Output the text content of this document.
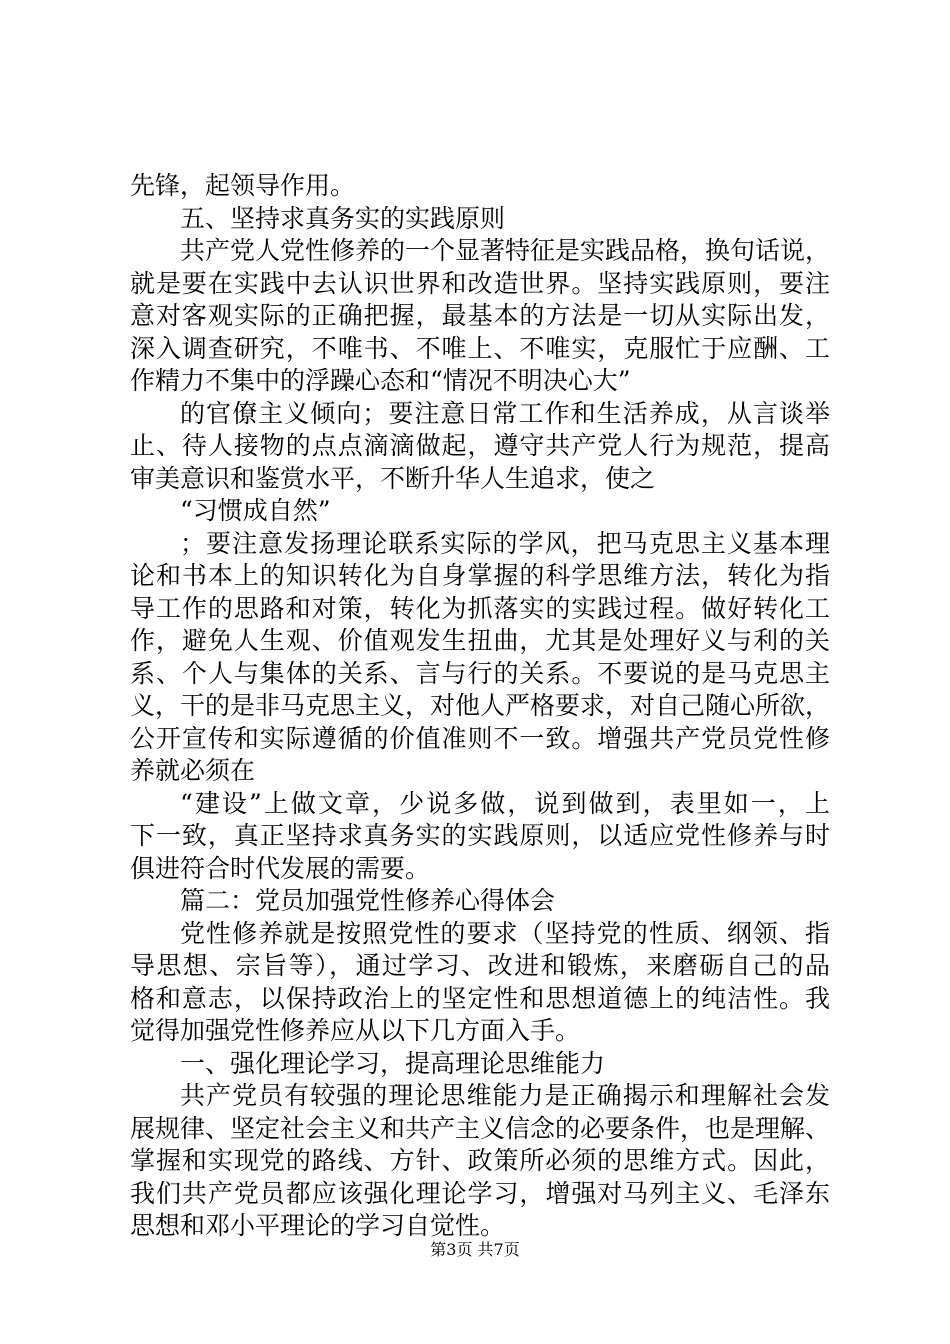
先锋，起领导作用。
五、坚持求真务实的实践原则
共产党人党性修养的一个显著特征是实践品格，换句话说，
就是要在实践中去认识世界和改造世界。坚持实践原则，要注
意对客观实际的正确把握，最基本的方法是一切从实际出发，
深入调查研究，不唯书、不唯上、不唯实，克服忙于应酬、工
作精力不集中的浮躁心态和“情况不明决心大”
的官僚主义倾向；要注意日常工作和生活养成，从言谈举
止、待人接物的点点滴滴做起，遵守共产党人行为规范，提高
审美意识和鉴赏水平，不断升华人生追求，使之
“习惯成自然”
；要注意发扬理论联系实际的学风，把马克思主义基本理
论和书本上的知识转化为自身掌握的科学思维方法，转化为指
导工作的思路和对策，转化为抓落实的实践过程。做好转化工
作，避免人生观、价值观发生扭曲，尤其是处理好义与利的关
系、个人与集体的关系、言与行的关系。不要说的是马克思主
义，干的是非马克思主义，对他人严格要求，对自己随心所欲，
公开宣传和实际遵循的价值准则不一致。增强共产党员党性修
养就必须在
“建设”上做文章，少说多做，说到做到，表里如一，上
下一致，真正坚持求真务实的实践原则，以适应党性修养与时
俱进符合时代发展的需要。
篇二：党员加强党性修养心得体会
党性修养就是按照党性的要求（坚持党的性质、纲领、指
导思想、宗旨等），通过学习、改进和锻炼，来磨砺自己的品
格和意志，以保持政治上的坚定性和思想道德上的纯洁性。我
觉得加强党性修养应从以下几方面入手。
一、强化理论学习，提高理论思维能力
共产党员有较强的理论思维能力是正确揭示和理解社会发
展规律、坚定社会主义和共产主义信念的必要条件，也是理解、
掌握和实现党的路线、方针、政策所必须的思维方式。因此，
我们共产党员都应该强化理论学习，增强对马列主义、毛泽东
思想和邓小平理论的学习自觉性。
第3页 共7页
